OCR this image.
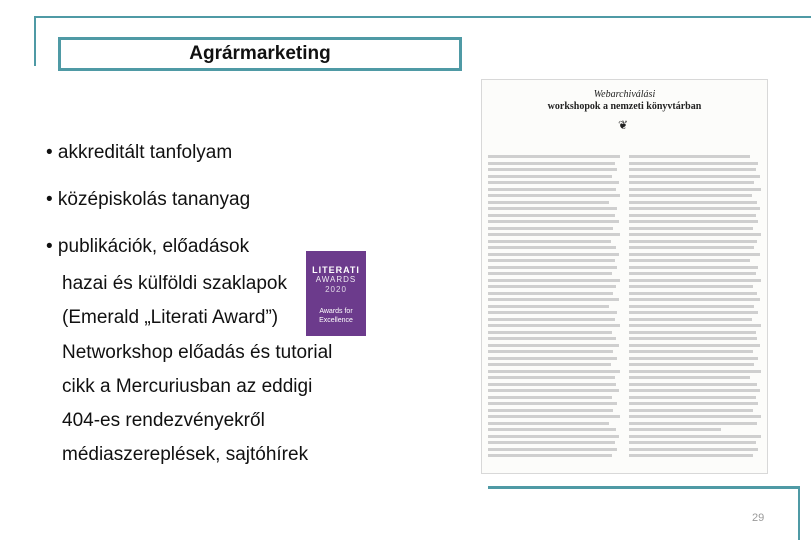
Agrármarketing
• akkreditált tanfolyam
• középiskolás tananyag
• publikációk, előadások
hazai és külföldi szaklapok
(Emerald „Literati Award”)
Networkshop előadás és tutorial
cikk a Mercuriusban az eddigi
404-es rendezvényekről
médiaszereplések, sajtóhírek
LITERATI
AWARDS
2020
Awards for Excellence
Webarchiválási
workshopok a nemzeti könyvtárban
❦
29
